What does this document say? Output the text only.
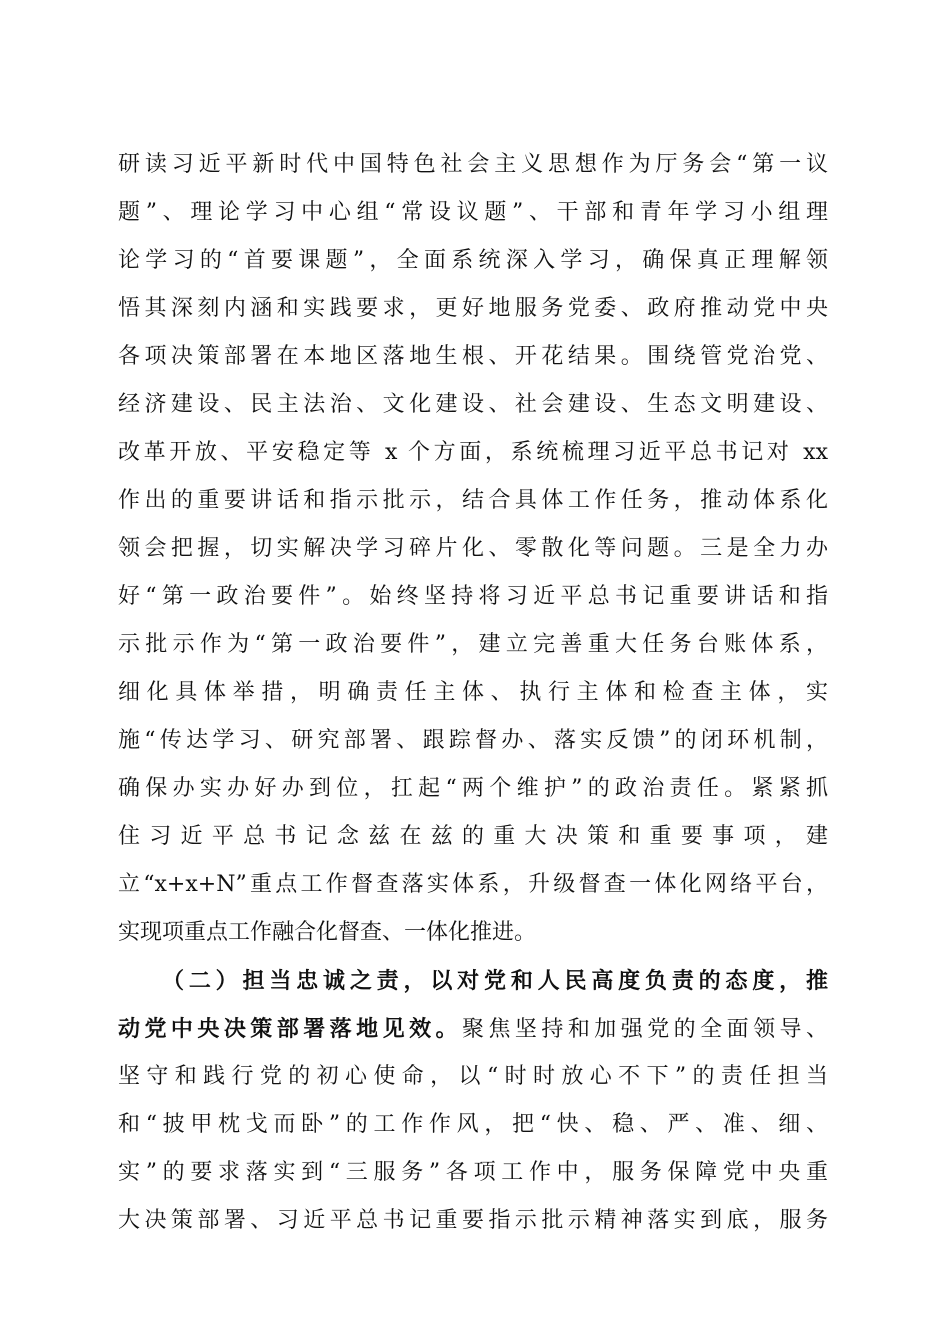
研读习近平新时代中国特色社会主义思想作为厅务会“第一议
题”、理论学习中心组“常设议题”、干部和青年学习小组理
论学习的“首要课题”，全面系统深入学习，确保真正理解领
悟其深刻内涵和实践要求，更好地服务党委、政府推动党中央
各项决策部署在本地区落地生根、开花结果。围绕管党治党、
经济建设、民主法治、文化建设、社会建设、生态文明建设、
改革开放、平安稳定等 x 个方面，系统梳理习近平总书记对 xx
作出的重要讲话和指示批示，结合具体工作任务，推动体系化
领会把握，切实解决学习碎片化、零散化等问题。三是全力办
好“第一政治要件”。始终坚持将习近平总书记重要讲话和指
示批示作为“第一政治要件”，建立完善重大任务台账体系，
细化具体举措，明确责任主体、执行主体和检查主体，实
施“传达学习、研究部署、跟踪督办、落实反馈”的闭环机制，
确保办实办好办到位，扛起“两个维护”的政治责任。紧紧抓
住习近平总书记念兹在兹的重大决策和重要事项，建
立“x+x+N”重点工作督查落实体系，升级督查一体化网络平台，
实现项重点工作融合化督查、一体化推进。
（二）担当忠诚之责，以对党和人民高度负责的态度，推
动党中央决策部署落地见效。聚焦坚持和加强党的全面领导、
坚守和践行党的初心使命，以“时时放心不下”的责任担当
和“披甲枕戈而卧”的工作作风，把“快、稳、严、准、细、
实”的要求落实到“三服务”各项工作中，服务保障党中央重
大决策部署、习近平总书记重要指示批示精神落实到底，服务
